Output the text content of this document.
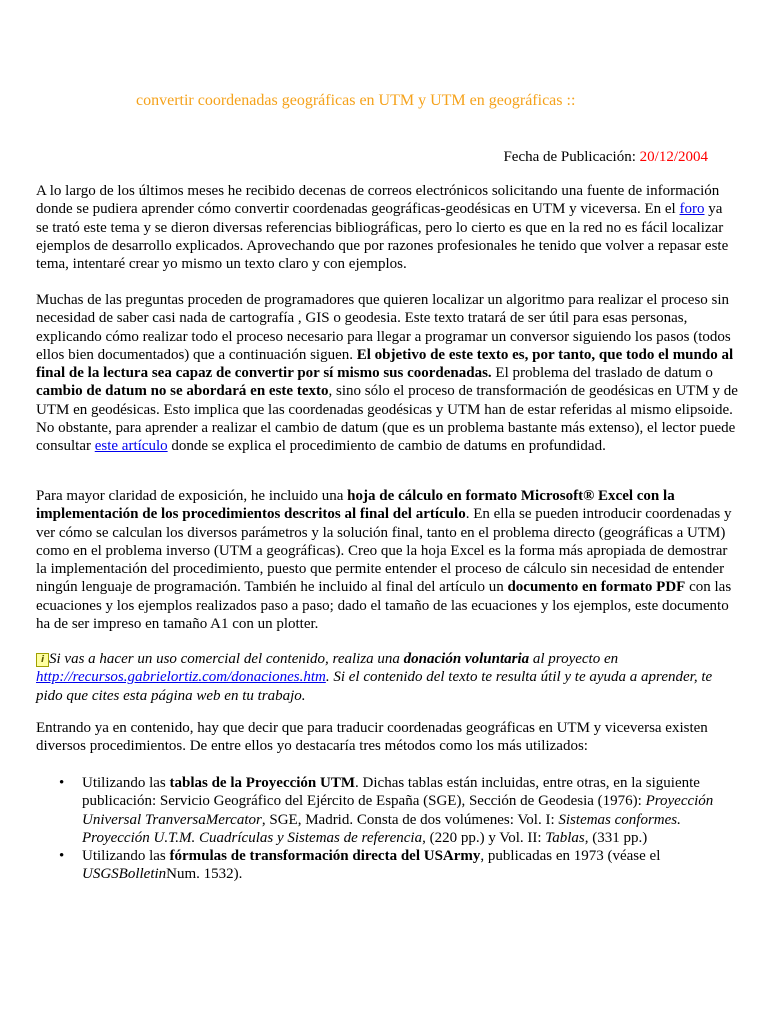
convertir coordenadas geográficas en UTM y UTM en geográficas ::
Fecha de Publicación: 20/12/2004

A lo largo de los últimos meses he recibido decenas de correos electrónicos solicitando una fuente de información donde se pudiera aprender cómo convertir coordenadas geográficas-geodésicas en UTM y viceversa. En el foro ya se trató este tema y se dieron diversas referencias bibliográficas, pero lo cierto es que en la red no es fácil localizar ejemplos de desarrollo explicados. Aprovechando que por razones profesionales he tenido que volver a repasar este tema, intentaré crear yo mismo un texto claro y con ejemplos.

Muchas de las preguntas proceden de programadores que quieren localizar un algoritmo para realizar el proceso sin necesidad de saber casi nada de cartografía , GIS o geodesia. Este texto tratará de ser útil para esas personas, explicando cómo realizar todo el proceso necesario para llegar a programar un conversor siguiendo los pasos (todos ellos bien documentados) que a continuación siguen. El objetivo de este texto es, por tanto, que todo el mundo al final de la lectura sea capaz de convertir por sí mismo sus coordenadas. El problema del traslado de datum o cambio de datum no se abordará en este texto, sino sólo el proceso de transformación de geodésicas en UTM y de UTM en geodésicas. Esto implica que las coordenadas geodésicas y UTM han de estar referidas al mismo elipsoide. No obstante, para aprender a realizar el cambio de datum (que es un problema bastante más extenso), el lector puede consultar este artículo donde se explica el procedimiento de cambio de datums en profundidad.

Para mayor claridad de exposición, he incluido una hoja de cálculo en formato Microsoft® Excel con la implementación de los procedimientos descritos al final del artículo. En ella se pueden introducir coordenadas y ver cómo se calculan los diversos parámetros y la solución final, tanto en el problema directo (geográficas a UTM) como en el problema inverso (UTM a geográficas). Creo que la hoja Excel es la forma más apropiada de demostrar la implementación del procedimiento, puesto que permite entender el proceso de cálculo sin necesidad de entender ningún lenguaje de programación. También he incluido al final del artículo un documento en formato PDF con las ecuaciones y los ejemplos realizados paso a paso; dado el tamaño de las ecuaciones y los ejemplos, este documento ha de ser impreso en tamaño A1 con un plotter.

i Si vas a hacer un uso comercial del contenido, realiza una donación voluntaria al proyecto en http://recursos.gabrielortiz.com/donaciones.htm. Si el contenido del texto te resulta útil y te ayuda a aprender, te pido que cites esta página web en tu trabajo.

Entrando ya en contenido, hay que decir que para traducir coordenadas geográficas en UTM y viceversa existen diversos procedimientos. De entre ellos yo destacaría tres métodos como los más utilizados:

• Utilizando las tablas de la Proyección UTM. Dichas tablas están incluidas, entre otras, en la siguiente publicación: Servicio Geográfico del Ejército de España (SGE), Sección de Geodesia (1976): Proyección Universal TranversaMercator, SGE, Madrid. Consta de dos volúmenes: Vol. I: Sistemas conformes. Proyección U.T.M. Cuadrículas y Sistemas de referencia, (220 pp.) y Vol. II: Tablas, (331 pp.)
• Utilizando las fórmulas de transformación directa del USArmy, publicadas en 1973 (véase el USGSBolletinNum. 1532).
